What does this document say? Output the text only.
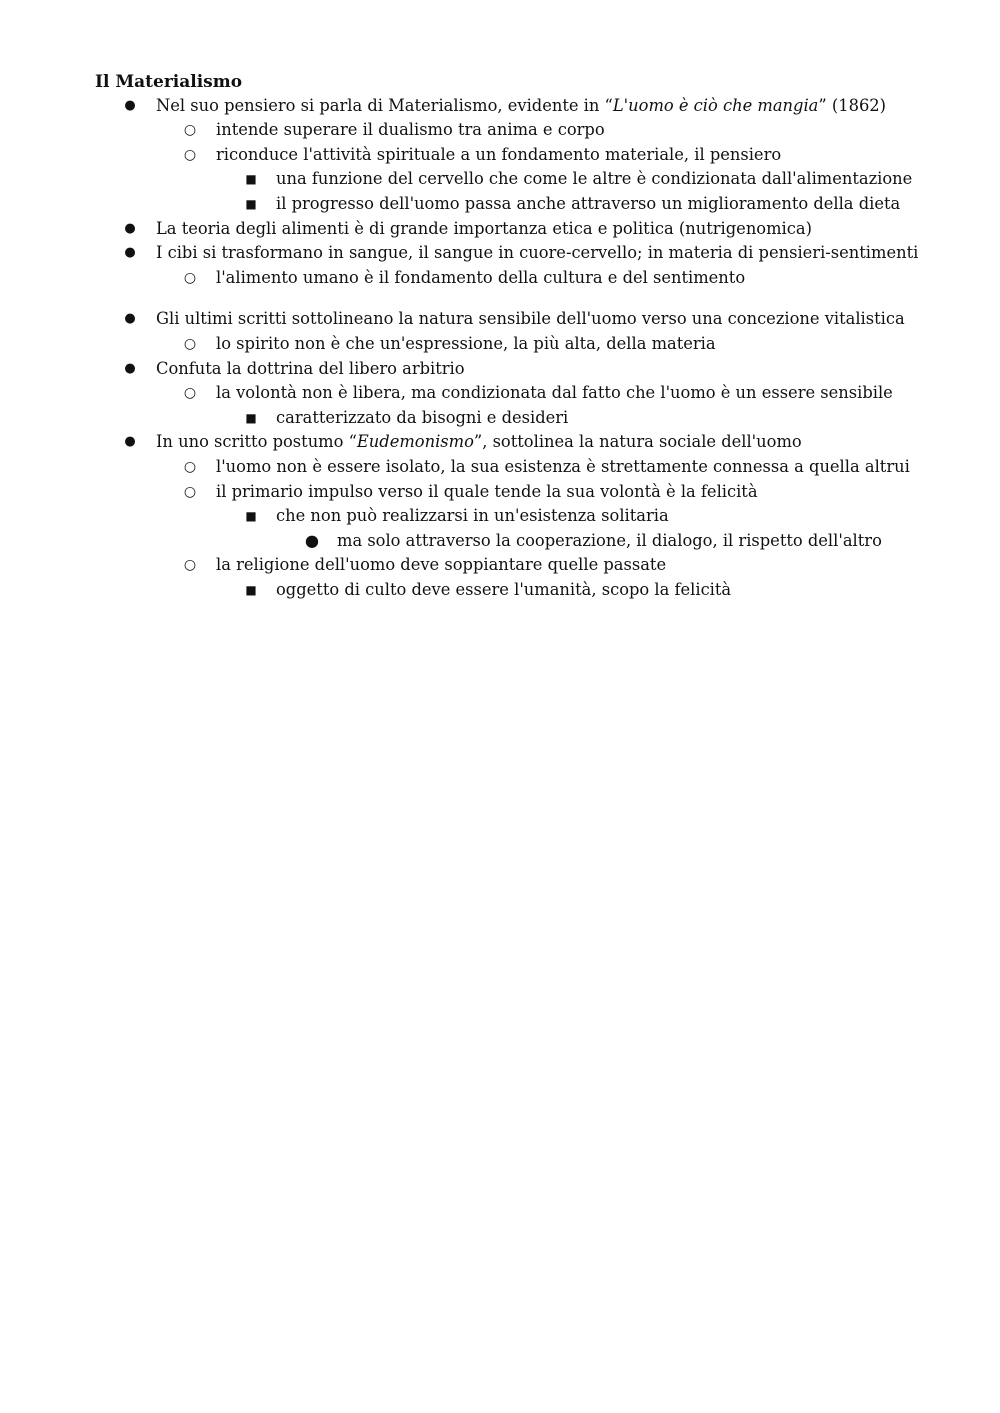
Il Materialismo
● Nel suo pensiero si parla di Materialismo, evidente in “L'uomo è ciò che mangia” (1862)
○ intende superare il dualismo tra anima e corpo
○ riconduce l'attività spirituale a un fondamento materiale, il pensiero
■ una funzione del cervello che come le altre è condizionata dall'alimentazione
■ il progresso dell'uomo passa anche attraverso un miglioramento della dieta
● La teoria degli alimenti è di grande importanza etica e politica (nutrigenomica)
● I cibi si trasformano in sangue, il sangue in cuore-cervello; in materia di pensieri-sentimenti
○ l'alimento umano è il fondamento della cultura e del sentimento
● Gli ultimi scritti sottolineano la natura sensibile dell'uomo verso una concezione vitalistica
○ lo spirito non è che un'espressione, la più alta, della materia
● Confuta la dottrina del libero arbitrio
○ la volontà non è libera, ma condizionata dal fatto che l'uomo è un essere sensibile
■ caratterizzato da bisogni e desideri
● In uno scritto postumo “Eudemonismo”, sottolinea la natura sociale dell'uomo
○ l'uomo non è essere isolato, la sua esistenza è strettamente connessa a quella altrui
○ il primario impulso verso il quale tende la sua volontà è la felicità
■ che non può realizzarsi in un'esistenza solitaria
● ma solo attraverso la cooperazione, il dialogo, il rispetto dell'altro
○ la religione dell'uomo deve soppiantare quelle passate
■ oggetto di culto deve essere l'umanità, scopo la felicità
